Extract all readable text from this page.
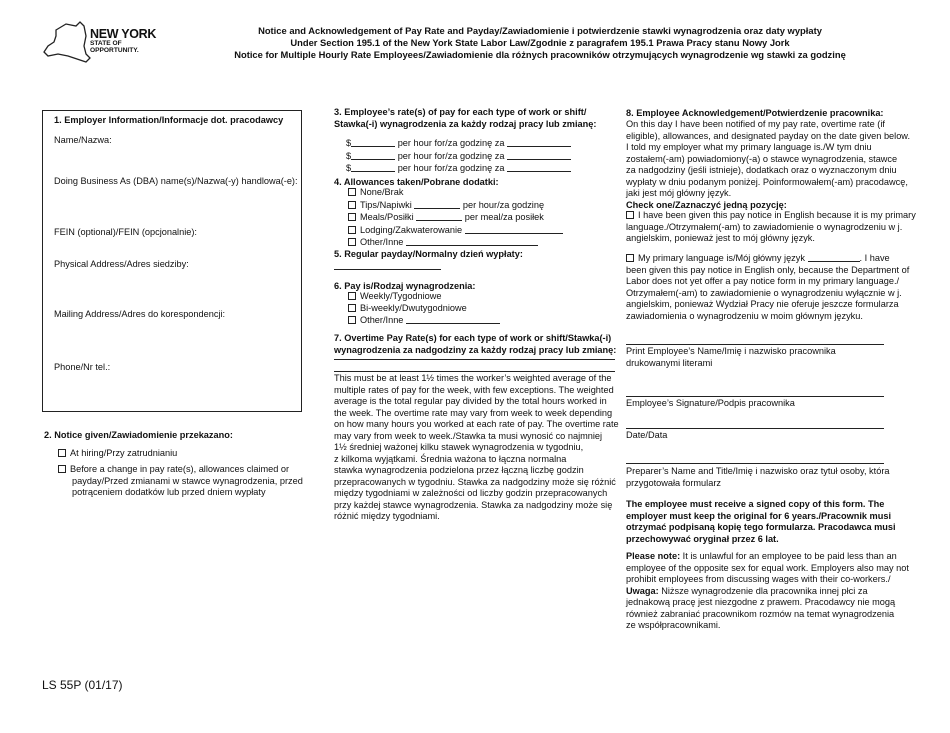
NEW YORK
STATE OF
OPPORTUNITY.
Notice and Acknowledgement of Pay Rate and Payday/Zawiadomienie i potwierdzenie stawki wynagrodzenia oraz daty wypłaty
Under Section 195.1 of the New York State Labor Law/Zgodnie z paragrafem 195.1 Prawa Pracy stanu Nowy Jork
Notice for Multiple Hourly Rate Employees/Zawiadomienie dla różnych pracowników otrzymujących wynagrodzenie wg stawki za godzinę
1. Employer Information/Informacje dot. pracodawcy
Name/Nazwa:
Doing Business As (DBA) name(s)/Nazwa(-y) handlowa(-e):
FEIN (optional)/FEIN (opcjonalnie):
Physical Address/Adres siedziby:
Mailing Address/Adres do korespondencji:
Phone/Nr tel.:
2. Notice given/Zawiadomienie przekazano:
At hiring/Przy zatrudnianiu
Before a change in pay rate(s), allowances claimed or
payday/Przed zmianami w stawce wynagrodzenia, przed
potrąceniem dodatków lub przed dniem wypłaty
3. Employee’s rate(s) of pay for each type of work or shift/
Stawka(-i) wynagrodzenia za każdy rodzaj pracy lub zmianę:
$	per hour for/za godzinę za
$	per hour for/za godzinę za
$	per hour for/za godzinę za
4. Allowances taken/Pobrane dodatki:
None/Brak
Tips/Napiwki	per hour/za godzinę
Meals/Posiłki	per meal/za posiłek
Lodging/Zakwaterowanie
Other/Inne
5. Regular payday/Normalny dzień wypłaty:
6. Pay is/Rodzaj wynagrodzenia:
Weekly/Tygodniowe
Bi-weekly/Dwutygodniowe
Other/Inne
7. Overtime Pay Rate(s) for each type of work or shift/Stawka(-i)
wynagrodzenia za nadgodziny za każdy rodzaj pracy lub zmianę:
This must be at least 1½ times the worker’s weighted average of the
multiple rates of pay for the week, with few exceptions. The weighted
average is the total regular pay divided by the total hours worked in
the week. The overtime rate may vary from week to week depending
on how many hours you worked at each rate of pay. The overtime rate
may vary from week to week./Stawka ta musi wynosić co najmniej
1½ średniej ważonej kilku stawek wynagrodzenia w tygodniu,
z kilkoma wyjątkami. Średnia ważona to łączna normalna
stawka wynagrodzenia podzielona przez łączną liczbę godzin
przepracowanych w tygodniu. Stawka za nadgodziny może się różnić
między tygodniami w zależności od liczby godzin przepracowanych
przy każdej stawce wynagrodzenia. Stawka za nadgodziny może się
różnić między tygodniami.
8. Employee Acknowledgement/Potwierdzenie pracownika:
On this day I have been notified of my pay rate, overtime rate (if
eligible), allowances, and designated payday on the date given below.
I told my employer what my primary language is./W tym dniu
zostałem(-am) powiadomiony(-a) o stawce wynagrodzenia, stawce
za nadgodziny (jeśli istnieje), dodatkach oraz o wyznaczonym dniu
wypłaty w dniu podanym poniżej. Poinformowałem(-am) pracodawcę,
jaki jest mój główny język.
Check one/Zaznaczyć jedną pozycję:
I have been given this pay notice in English because it is my primary
language./Otrzymałem(-am) to zawiadomienie o wynagrodzeniu w j.
angielskim, ponieważ jest to mój główny język.
My primary language is/Mój główny język	. I have
been given this pay notice in English only, because the Department of
Labor does not yet offer a pay notice form in my primary language./
Otrzymałem(-am) to zawiadomienie o wynagrodzeniu wyłącznie w j.
angielskim, ponieważ Wydział Pracy nie oferuje jeszcze formularza
zawiadomienia o wynagrodzeniu w moim głównym języku.
Print Employee’s Name/Imię i nazwisko pracownika
drukowanymi literami
Employee’s Signature/Podpis pracownika
Date/Data
Preparer’s Name and Title/Imię i nazwisko oraz tytuł osoby, która
przygotowała formularz
The employee must receive a signed copy of this form. The
employer must keep the original for 6 years./Pracownik musi
otrzymać podpisaną kopię tego formularza. Pracodawca musi
przechowywać oryginał przez 6 lat.
Please note: It is unlawful for an employee to be paid less than an
employee of the opposite sex for equal work. Employers also may not
prohibit employees from discussing wages with their co-workers./
Uwaga: Niższe wynagrodzenie dla pracownika innej płci za
jednakową pracę jest niezgodne z prawem. Pracodawcy nie mogą
również zabraniać pracownikom rozmów na temat wynagrodzenia
ze współpracownikami.
LS 55P (01/17)
